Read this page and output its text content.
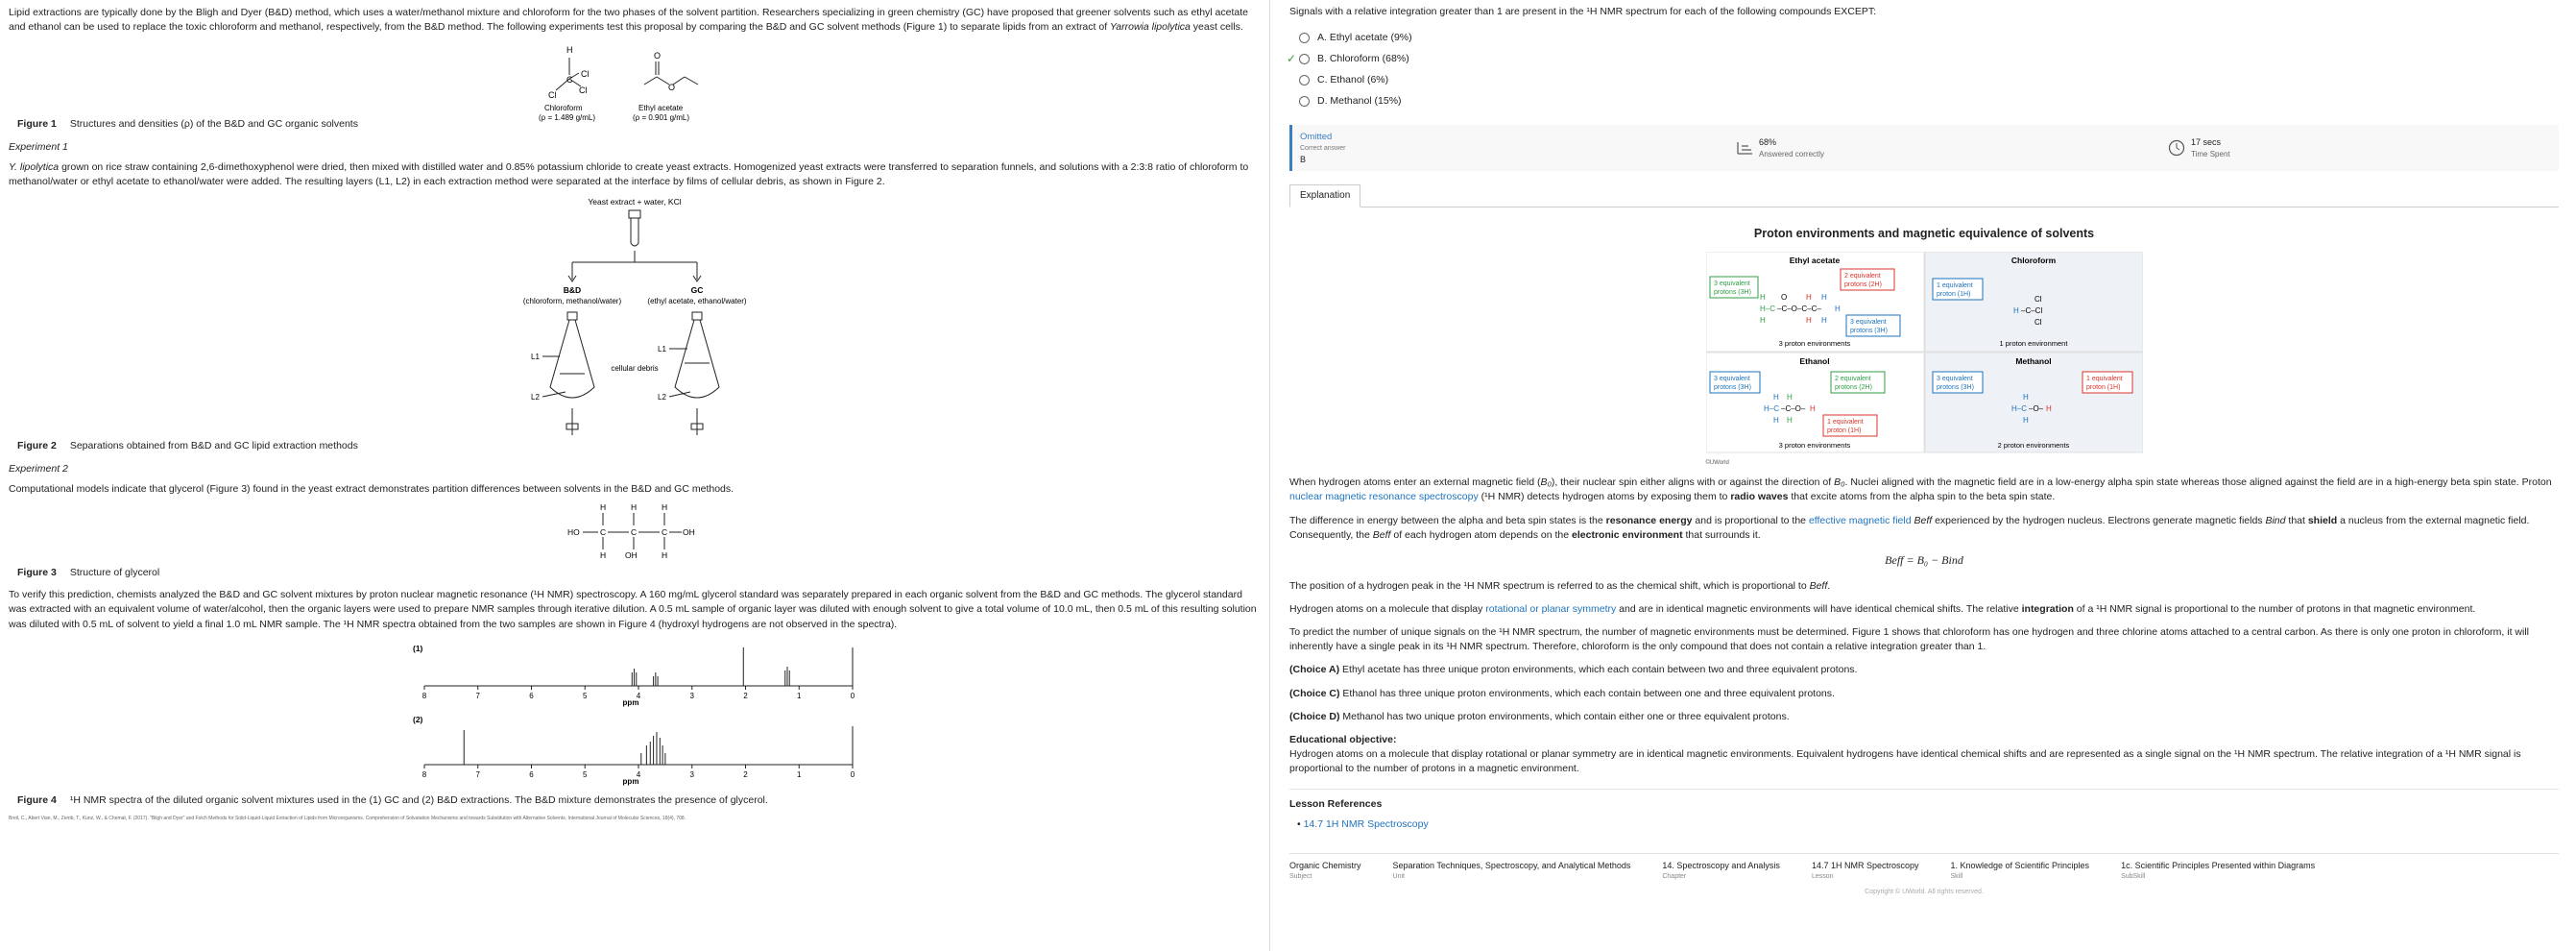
Lipid extractions are typically done by the Bligh and Dyer (B&D) method, which uses a water/methanol mixture and chloroform for the two phases of the solvent partition. Researchers specializing in green chemistry (GC) have proposed that greener solvents such as ethyl acetate and ethanol can be used to replace the toxic chloroform and methanol, respectively, from the B&D method. The following experiments test this proposal by comparing the B&D and GC solvent methods (Figure 1) to separate lipids from an extract of Yarrowia lipolytica yeast cells.

H
C
Cl
Cl
Cl
O
O
Chloroform
(ρ = 1.489 g/mL)
Ethyl acetate
(ρ = 0.901 g/mL)

Figure 1 Structures and densities (ρ) of the B&D and GC organic solvents

Experiment 1

Y. lipolytica grown on rice straw containing 2,6-dimethoxyphenol were dried, then mixed with distilled water and 0.85% potassium chloride to create yeast extracts. Homogenized yeast extracts were transferred to separation funnels, and solutions with a 2:3:8 ratio of chloroform to methanol/water or ethyl acetate to ethanol/water were added. The resulting layers (L1, L2) in each extraction method were separated at the interface by films of cellular debris, as shown in Figure 2.

Yeast extract + water, KCl
B&D
(chloroform, methanol/water)
GC
(ethyl acetate, ethanol/water)
L1
L2
L1
L2
cellular debris

Figure 2 Separations obtained from B&D and GC lipid extraction methods

Experiment 2

Computational models indicate that glycerol (Figure 3) found in the yeast extract demonstrates partition differences between solvents in the B&D and GC methods.

H	H	H
HO	C	C	C OH
H OH	H

Figure 3 Structure of glycerol

To verify this prediction, chemists analyzed the B&D and GC solvent mixtures by proton nuclear magnetic resonance (¹H NMR) spectroscopy. A 160 mg/mL glycerol standard was separately prepared in each organic solvent from the B&D and GC methods. The glycerol standard was extracted with an equivalent volume of water/alcohol, then the organic layers were used to prepare NMR samples through iterative dilution. A 0.5 mL sample of organic layer was diluted with enough solvent to give a total volume of 10.0 mL, then 0.5 mL of this resulting solution was diluted with 0.5 mL of solvent to yield a final 1.0 mL NMR sample. The ¹H NMR spectra obtained from the two samples are shown in Figure 4 (hydroxyl hydrogens are not observed in the spectra).

(1)
8	7	6	5	4	3	2	1	0
ppm
(2)
8	7	6	5	4	3	2	1	0
ppm

Figure 4 ¹H NMR spectra of the diluted organic solvent mixtures used in the (1) GC and (2) B&D extractions. The B&D mixture demonstrates the presence of glycerol.

Breil, C., Abert Vian, M., Zemb, T., Kunz, W., & Chemat, F. (2017). "Bligh and Dyer" and Folch Methods for Solid-Liquid-Liquid Extraction of Lipids from Microorganisms. Comprehension of Solvatation Mechanisms and towards Substitution with Alternative Solvents. International Journal of Molecular Sciences, 18(4), 708.

Signals with a relative integration greater than 1 are present in the ¹H NMR spectrum for each of the following compounds EXCEPT:

A. Ethyl acetate (9%)
✓ B. Chloroform (68%)
C. Ethanol (6%)
D. Methanol (15%)
Omitted
Correct answer
B
68%
Answered correctly
17 secs
Time Spent
Explanation
Proton environments and magnetic equivalence of solvents
Ethyl acetate	Chloroform
Ethanol	Methanol
3 proton environments	1 proton environment
3 proton environments	2 proton environments
H
H–C
H
–C–O–C–C–
O H
H
H
H
H
3 equivalent
protons (3H)
2 equivalent
protons (2H)
3 equivalent
protons (3H)
1 equivalent
proton (1H)
Cl
H –C–Cl
Cl
3 equivalent
protons (3H)
2 equivalent
protons (2H)
1 equivalent
proton (1H)
H H
H–C –C–O– H
H H
3 equivalent
protons (3H)
1 equivalent
proton (1H)
H
H–C –O– H
H
©UWorld

When hydrogen atoms enter an external magnetic field (B₀), their nuclear spin either aligns with or against the direction of B₀. Nuclei aligned with the magnetic field are in a low-energy alpha spin state whereas those aligned against the field are in a high-energy beta spin state. Proton nuclear magnetic resonance spectroscopy (¹H NMR) detects hydrogen atoms by exposing them to radio waves that excite atoms from the alpha spin to the beta spin state.

The difference in energy between the alpha and beta spin states is the resonance energy and is proportional to the effective magnetic field Beff experienced by the hydrogen nucleus. Electrons generate magnetic fields Bind that shield a nucleus from the external magnetic field. Consequently, the Beff of each hydrogen atom depends on the electronic environment that surrounds it.

Beff = B₀ − Bind

The position of a hydrogen peak in the ¹H NMR spectrum is referred to as the chemical shift, which is proportional to Beff.

Hydrogen atoms on a molecule that display rotational or planar symmetry and are in identical magnetic environments will have identical chemical shifts. The relative integration of a ¹H NMR signal is proportional to the number of protons in that magnetic environment.

To predict the number of unique signals on the ¹H NMR spectrum, the number of magnetic environments must be determined. Figure 1 shows that chloroform has one hydrogen and three chlorine atoms attached to a central carbon. As there is only one proton in chloroform, it will inherently have a single peak in its ¹H NMR spectrum. Therefore, chloroform is the only compound that does not contain a relative integration greater than 1.

(Choice A) Ethyl acetate has three unique proton environments, which each contain between two and three equivalent protons.

(Choice C) Ethanol has three unique proton environments, which each contain between one and three equivalent protons.

(Choice D) Methanol has two unique proton environments, which contain either one or three equivalent protons.

Educational objective:

Hydrogen atoms on a molecule that display rotational or planar symmetry are in identical magnetic environments. Equivalent hydrogens have identical chemical shifts and are represented as a single signal on the ¹H NMR spectrum. The relative integration of a ¹H NMR signal is proportional to the number of protons in a magnetic environment.

Lesson References
• 14.7 1H NMR Spectroscopy
Organic Chemistry
Subject
Separation Techniques, Spectroscopy, and Analytical Methods
Unit
14. Spectroscopy and Analysis
Chapter
14.7 1H NMR Spectroscopy
Lesson
1. Knowledge of Scientific Principles
Skill
1c. Scientific Principles Presented within Diagrams
SubSkill
Copyright © UWorld. All rights reserved.
